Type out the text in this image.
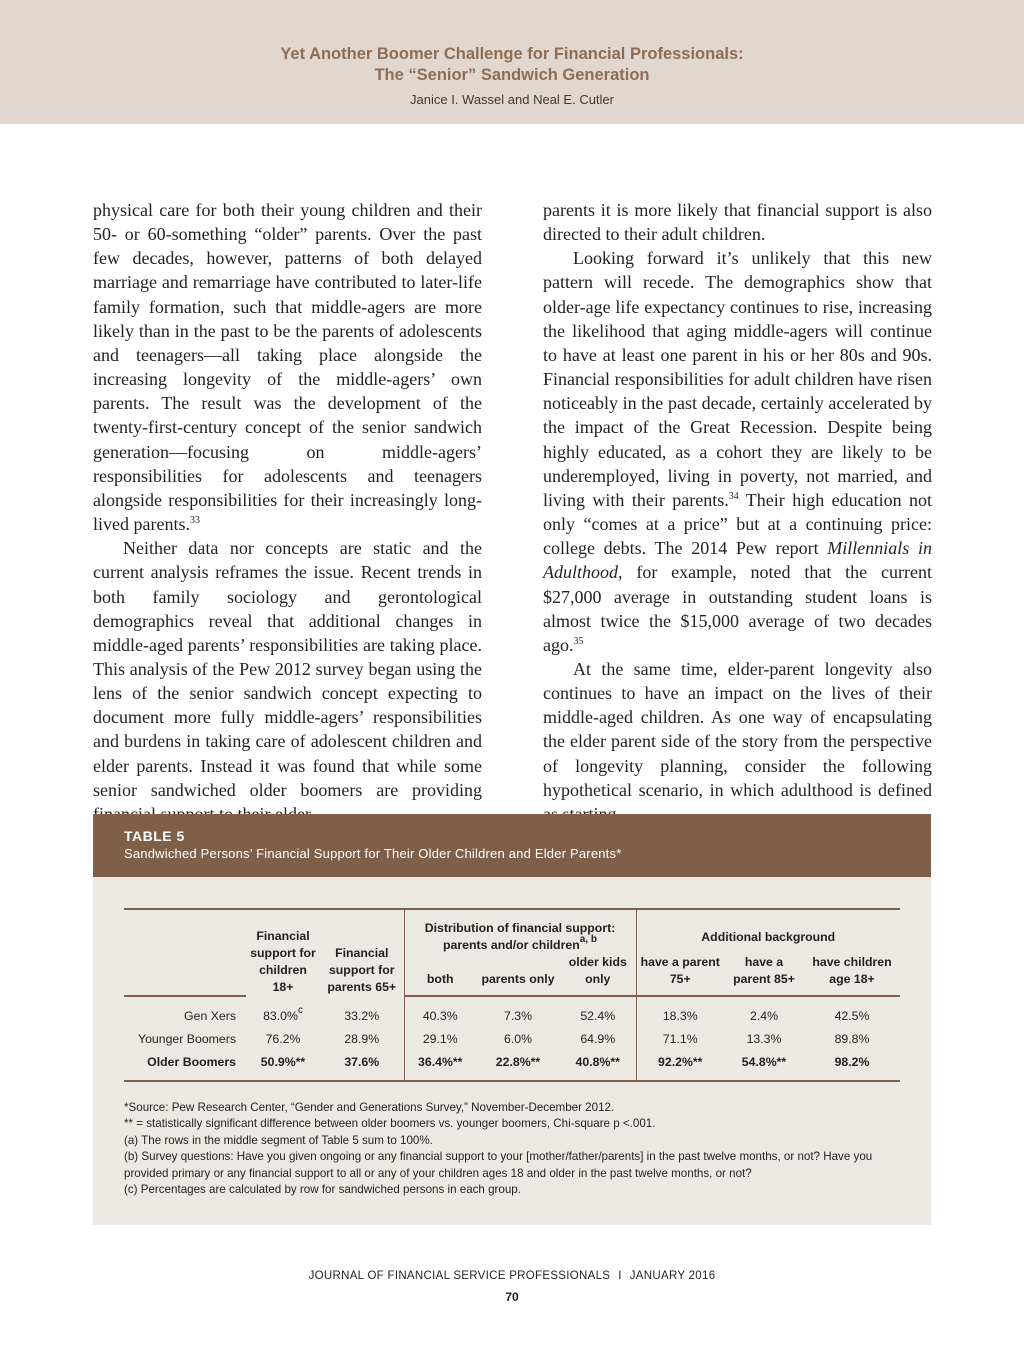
Yet Another Boomer Challenge for Financial Professionals:
The “Senior” Sandwich Generation
Janice I. Wassel and Neal E. Cutler

physical care for both their young children and their 50- or 60-something “older” parents. Over the past few decades, however, patterns of both delayed marriage and remarriage have contributed to later-life family formation, such that middle-agers are more likely than in the past to be the parents of adolescents and teenagers—all taking place alongside the increasing longevity of the middle-agers’ own parents. The result was the development of the twenty-first-century concept of the senior sandwich generation—focusing on middle-agers’ responsibilities for adolescents and teenagers alongside responsibilities for their increasingly long-lived parents.$^{33}$

Neither data nor concepts are static and the current analysis reframes the issue. Recent trends in both family sociology and gerontological demographics reveal that additional changes in middle-aged parents’ responsibilities are taking place. This analysis of the Pew 2012 survey began using the lens of the senior sandwich concept expecting to document more fully middle-agers’ responsibilities and burdens in taking care of adolescent children and elder parents. Instead it was found that while some senior sandwiched older boomers are providing

parents it is more likely that financial support is also directed to their adult children.

Looking forward it’s unlikely that this new pattern will recede. The demographics show that older-age life expectancy continues to rise, increasing the likelihood that aging middle-agers will continue to have at least one parent in his or her 80s and 90s. Financial responsibilities for adult children have risen noticeably in the past decade, certainly accelerated by the impact of the Great Recession. Despite being highly educated, as a cohort they are likely to be underemployed, living in poverty, not married, and living with their parents.$^{34}$ Their high education not only “comes at a price” but at a continuing price: college debts. The 2014 Pew report Millennials in Adulthood, for example, noted that the current $27,000 average in outstanding student loans is almost twice the $15,000 average of two decades ago.$^{35}$

At the same time, elder-parent longevity also continues to have an impact on the lives of their middle-aged children. As one way of encapsulating the elder parent side of the story from the perspective of longevity planning, consider the following hypothetical scenario, in which adulthood is defined

TABLE 5
Sandwiched Persons’ Financial Support for Their Older Children and Elder Parents*
	Financial support for children 18+	Financial support for parents 65+	Distribution of financial support: parents and/or children$^{a, b}$			Additional background		
			both	parents only	older kids only	have a parent 75+	have a parent 85+	have children age 18+
Gen Xers	83.0%$^c$	33.2%	40.3%	7.3%	52.4%	18.3%	2.4%	42.5%
Younger Boomers	76.2%	28.9%	29.1%	6.0%	64.9%	71.1%	13.3%	89.8%
Older Boomers	50.9%**	37.6%	36.4%**	22.8%**	40.8%**	92.2%**	54.8%**	98.2%
*Source: Pew Research Center, “Gender and Generations Survey,” November-December 2012.
** = statistically significant difference between older boomers vs. younger boomers, Chi-square p <.001.
(a) The rows in the middle segment of Table 5 sum to 100%.
(b) Survey questions: Have you given ongoing or any financial support to your [mother/father/parents] in the past twelve months, or not? Have you provided primary or any financial support to all or any of your children ages 18 and older in the past twelve months, or not?
(c) Percentages are calculated by row for sandwiched persons in each group.
JOURNAL OF FINANCIAL SERVICE PROFESSIONALS I JANUARY 2016
70
